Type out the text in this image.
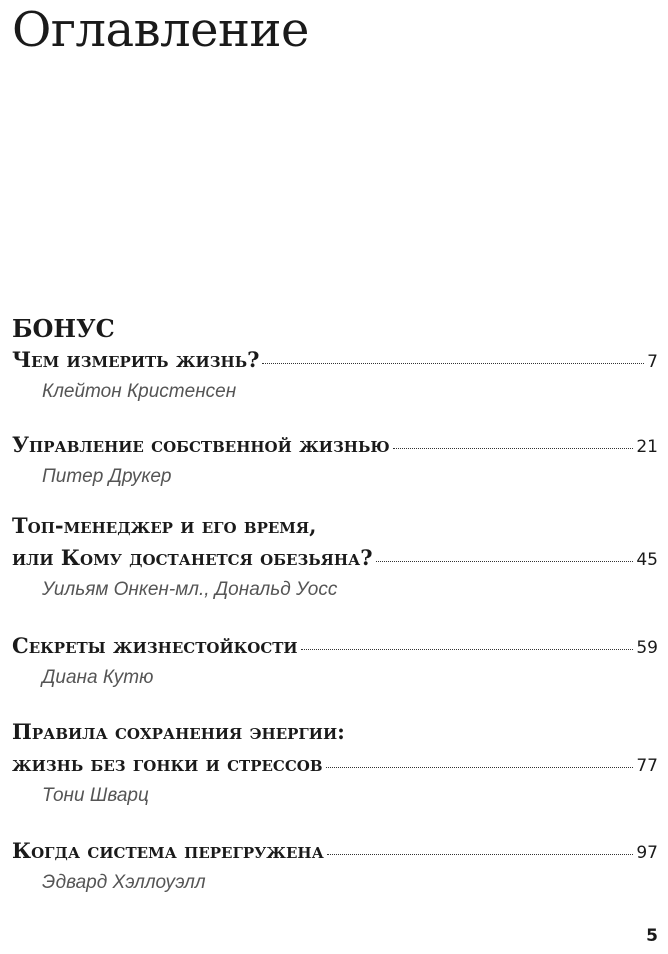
Оглавление
БОНУС
Чем измерить жизнь?	7
Клейтон Кристенсен
Управление собственной жизнью	21
Питер Друкер
Топ-менеджер и его время,
или Кому достанется обезьяна?	45
Уильям Онкен-мл., Дональд Уосс
Секреты жизнестойкости	59
Диана Кутю
Правила сохранения энергии:
жизнь без гонки и стрессов	77
Тони Шварц
Когда система перегружена	97
Эдвард Хэллоуэлл
5
